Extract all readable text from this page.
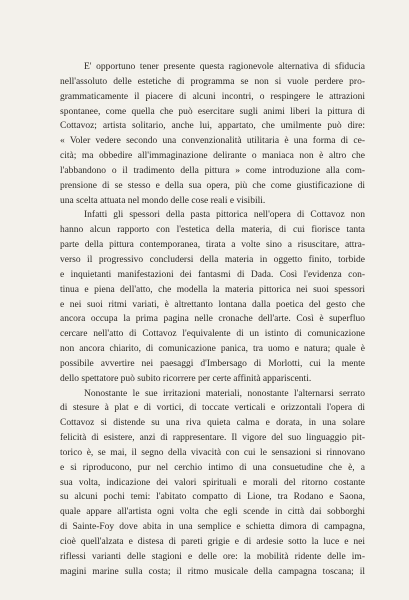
E' opportuno tener presente questa ragionevole alternativa di sfiducia
nell'assoluto delle estetiche di programma se non si vuole perdere pro-
grammaticamente il piacere di alcuni incontri, o respingere le attrazioni
spontanee, come quella che può esercitare sugli animi liberi la pittura di
Cottavoz; artista solitario, anche lui, appartato, che umilmente può dire:
« Voler vedere secondo una convenzionalità utilitaria è una forma di ce-
cità; ma obbedire all'immaginazione delirante o maniaca non è altro che
l'abbandono o il tradimento della pittura » come introduzione alla com-
prensione di se stesso e della sua opera, più che come giustificazione di
una scelta attuata nel mondo delle cose reali e visibili.
Infatti gli spessori della pasta pittorica nell'opera di Cottavoz non
hanno alcun rapporto con l'estetica della materia, di cui fiorisce tanta
parte della pittura contemporanea, tirata a volte sino a risuscitare, attra-
verso il progressivo concludersi della materia in oggetto finito, torbide
e inquietanti manifestazioni dei fantasmi di Dada. Così l'evidenza con-
tinua e piena dell'atto, che modella la materia pittorica nei suoi spessori
e nei suoi ritmi variati, è altrettanto lontana dalla poetica del gesto che
ancora occupa la prima pagina nelle cronache dell'arte. Così è superfluo
cercare nell'atto di Cottavoz l'equivalente di un istinto di comunicazione
non ancora chiarito, di comunicazione panica, tra uomo e natura; quale è
possibile avvertire nei paesaggi d'Imbersago di Morlotti, cui la mente
dello spettatore può subito ricorrere per certe affinità appariscenti.
Nonostante le sue irritazioni materiali, nonostante l'alternarsi serrato
di stesure à plat e di vortici, di toccate verticali e orizzontali l'opera di
Cottavoz si distende su una riva quieta calma e dorata, in una solare
felicità di esistere, anzi di rappresentare. Il vigore del suo linguaggio pit-
torico è, se mai, il segno della vivacità con cui le sensazioni si rinnovano
e si riproducono, pur nel cerchio intimo di una consuetudine che è, a
sua volta, indicazione dei valori spirituali e morali del ritorno costante
su alcuni pochi temi: l'abitato compatto di Lione, tra Rodano e Saona,
quale appare all'artista ogni volta che egli scende in città dai sobborghi
di Sainte-Foy dove abita in una semplice e schietta dimora di campagna,
cioè quell'alzata e distesa di pareti grigie e di ardesie sotto la luce e nei
riflessi varianti delle stagioni e delle ore: la mobilità ridente delle im-
magini marine sulla costa; il ritmo musicale della campagna toscana; il
